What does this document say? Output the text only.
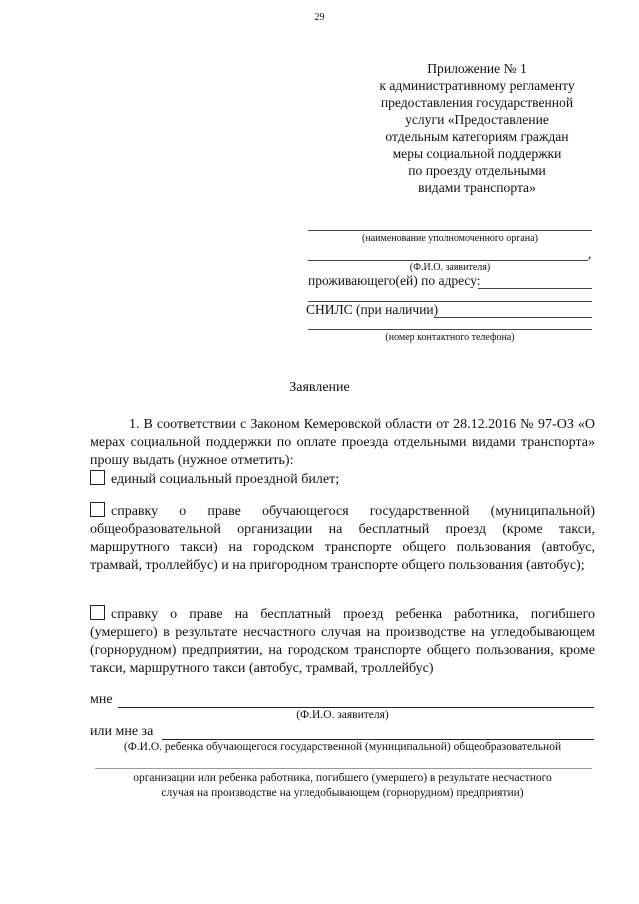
29
Приложение № 1
к административному регламенту
предоставления государственной
услуги «Предоставление
отдельным категориям граждан
меры социальной поддержки
по проезду отдельными
видами транспорта»
(наименование уполномоченного органа)
,
(Ф.И.О. заявителя)
проживающего(ей) по адресу:
СНИЛС (при наличии)
(номер контактного телефона)
Заявление
1. В соответствии с Законом Кемеровской области от 28.12.2016 № 97-ОЗ «О мерах социальной поддержки по оплате проезда отдельными видами транспорта» прошу выдать (нужное отметить):
единый социальный проездной билет;
справку о праве обучающегося государственной (муниципальной) общеобразовательной организации на бесплатный проезд (кроме такси, маршрутного такси) на городском транспорте общего пользования (автобус, трамвай, троллейбус) и на пригородном транспорте общего пользования (автобус);
справку о праве на бесплатный проезд ребенка работника, погибшего (умершего) в результате несчастного случая на производстве на угледобывающем (горнорудном) предприятии, на городском транспорте общего пользования, кроме такси, маршрутного такси (автобус, трамвай, троллейбус)
мне
(Ф.И.О. заявителя)
или мне за
(Ф.И.О. ребенка обучающегося государственной (муниципальной) общеобразовательной
организации или ребенка работника, погибшего (умершего) в результате несчастного
случая на производстве на угледобывающем (горнорудном) предприятии)
